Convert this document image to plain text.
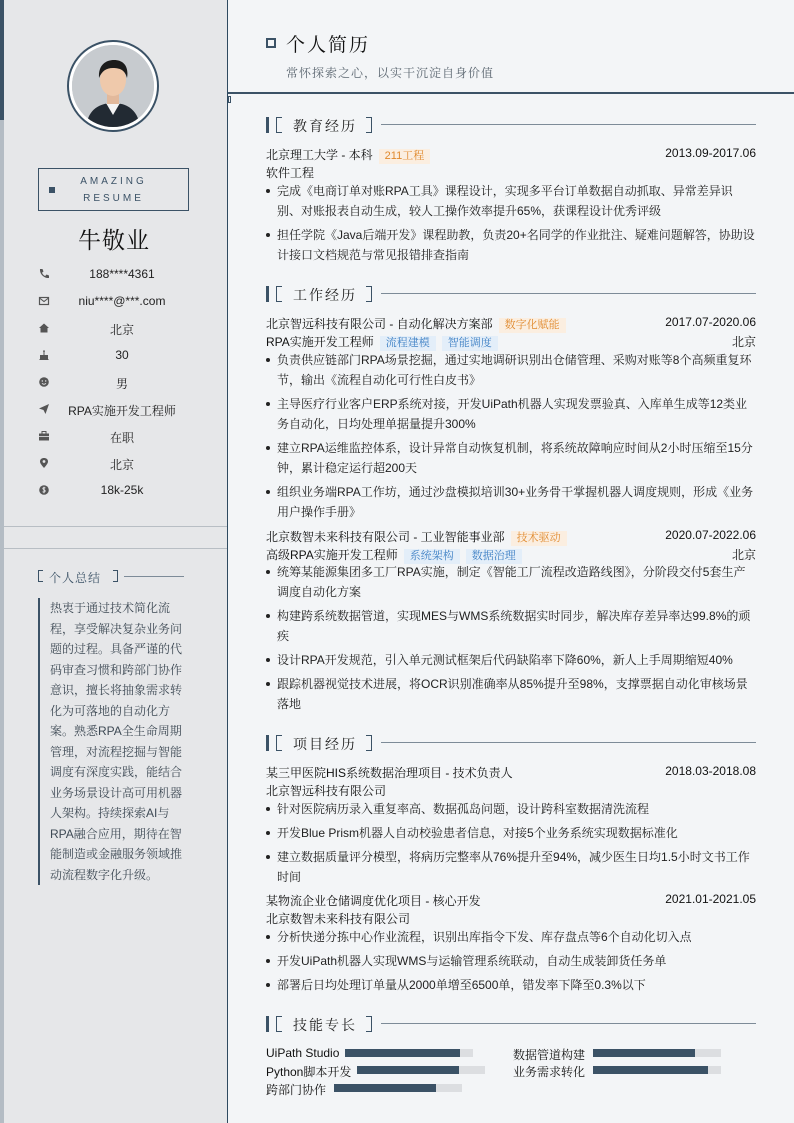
AMAZING
RESUME
牛敬业
188****4361
niu****@***.com
北京
30
男
RPA实施开发工程师
在职
北京
18k-25k
个人总结
热衷于通过技术简化流程，享受解决复杂业务问题的过程。具备严谨的代码审查习惯和跨部门协作意识，擅长将抽象需求转化为可落地的自动化方案。熟悉RPA全生命周期管理，对流程挖掘与智能调度有深度实践，能结合业务场景设计高可用机器人架构。持续探索AI与RPA融合应用，期待在智能制造或金融服务领域推动流程数字化升级。
个人简历
常怀探索之心，以实干沉淀自身价值
教育经历
北京理工大学 - 本科 211工程	2013.09-2017.06
软件工程
完成《电商订单对账RPA工具》课程设计，实现多平台订单数据自动抓取、异常差异识别、对账报表自动生成，较人工操作效率提升65%，获课程设计优秀评级
担任学院《Java后端开发》课程助教，负责20+名同学的作业批注、疑难问题解答，协助设计接口文档规范与常见报错排查指南
工作经历
北京智远科技有限公司 - 自动化解决方案部 数字化赋能	2017.07-2020.06
RPA实施开发工程师 流程建模 智能调度	北京
负责供应链部门RPA场景挖掘，通过实地调研识别出仓储管理、采购对账等8个高频重复环节，输出《流程自动化可行性白皮书》
主导医疗行业客户ERP系统对接，开发UiPath机器人实现发票验真、入库单生成等12类业务自动化，日均处理单据量提升300%
建立RPA运维监控体系，设计异常自动恢复机制，将系统故障响应时间从2小时压缩至15分钟，累计稳定运行超200天
组织业务端RPA工作坊，通过沙盘模拟培训30+业务骨干掌握机器人调度规则，形成《业务用户操作手册》
北京数智未来科技有限公司 - 工业智能事业部 技术驱动	2020.07-2022.06
高级RPA实施开发工程师 系统架构 数据治理	北京
统筹某能源集团多工厂RPA实施，制定《智能工厂流程改造路线图》，分阶段交付5套生产调度自动化方案
构建跨系统数据管道，实现MES与WMS系统数据实时同步，解决库存差异率达99.8%的顽疾
设计RPA开发规范，引入单元测试框架后代码缺陷率下降60%，新人上手周期缩短40%
跟踪机器视觉技术进展，将OCR识别准确率从85%提升至98%，支撑票据自动化审核场景落地
项目经历
某三甲医院HIS系统数据治理项目 - 技术负责人	2018.03-2018.08
北京智远科技有限公司
针对医院病历录入重复率高、数据孤岛问题，设计跨科室数据清洗流程
开发Blue Prism机器人自动校验患者信息，对接5个业务系统实现数据标准化
建立数据质量评分模型，将病历完整率从76%提升至94%，减少医生日均1.5小时文书工作时间
某物流企业仓储调度优化项目 - 核心开发	2021.01-2021.05
北京数智未来科技有限公司
分析快递分拣中心作业流程，识别出库指令下发、库存盘点等6个自动化切入点
开发UiPath机器人实现WMS与运输管理系统联动，自动生成装卸货任务单
部署后日均处理订单量从2000单增至6500单，错发率下降至0.3%以下
技能专长
UiPath Studio	数据管道构建
Python脚本开发	业务需求转化
跨部门协作
